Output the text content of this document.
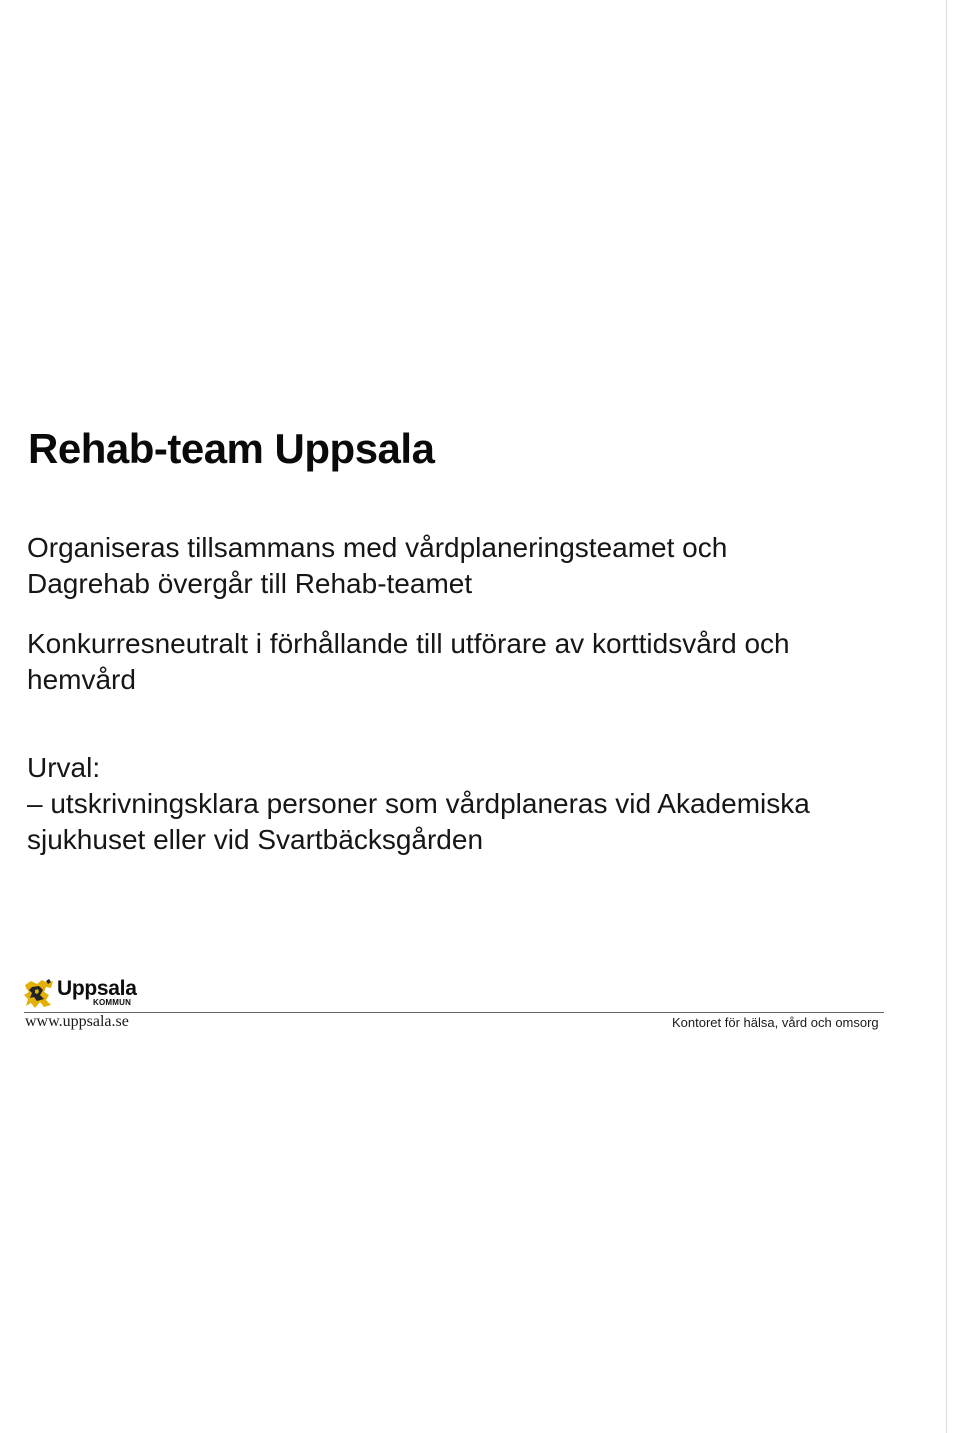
Rehab-team Uppsala

Organiseras tillsammans med vårdplaneringsteamet och
Dagrehab övergår till Rehab-teamet

Konkurresneutralt i förhållande till utförare av korttidsvård och
hemvård

Urval:
– utskrivningsklara personer som vårdplaneras vid Akademiska
sjukhuset eller vid Svartbäcksgården

Uppsala
KOMMUN
www.uppsala.se	Kontoret för hälsa, vård och omsorg
